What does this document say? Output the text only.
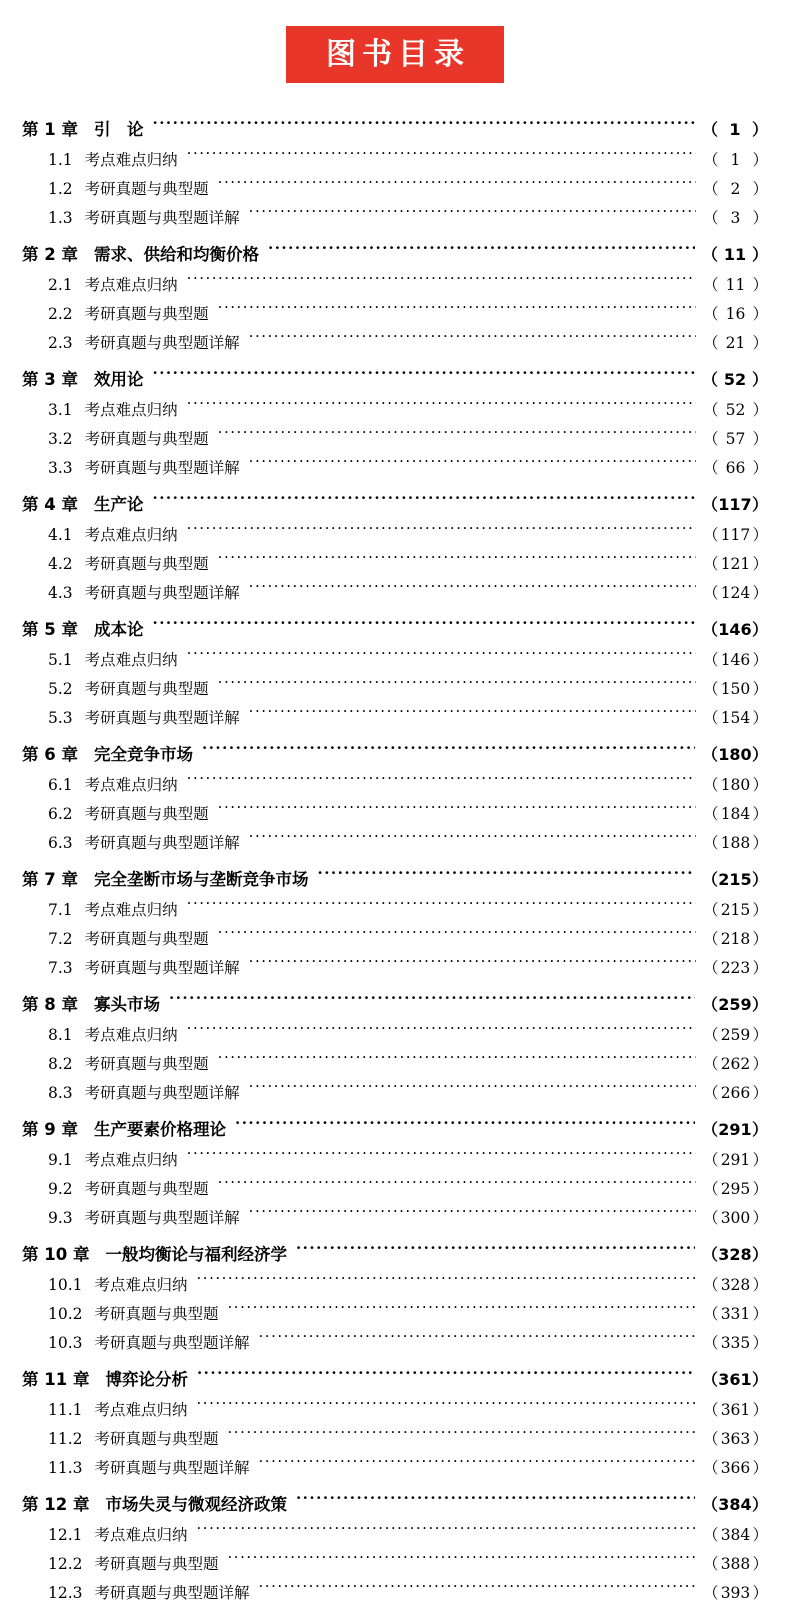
图书目录
第 1 章 引　论 ·····	（ 1 ）
1.1 考点难点归纳 ·····	（ 1 ）
1.2 考研真题与典型题 ·····	（ 2 ）
1.3 考研真题与典型题详解 ·····	（ 3 ）
第 2 章 需求、供给和均衡价格 ·····	（ 11 ）
2.1 考点难点归纳 ·····	（ 11 ）
2.2 考研真题与典型题 ·····	（ 16 ）
2.3 考研真题与典型题详解 ·····	（ 21 ）
第 3 章 效用论 ·····	（ 52 ）
3.1 考点难点归纳 ·····	（ 52 ）
3.2 考研真题与典型题 ·····	（ 57 ）
3.3 考研真题与典型题详解 ·····	（ 66 ）
第 4 章 生产论 ·····	（117）
4.1 考点难点归纳 ·····	（ 117 ）
4.2 考研真题与典型题 ·····	（ 121 ）
4.3 考研真题与典型题详解 ·····	（ 124 ）
第 5 章 成本论 ·····	（146）
5.1 考点难点归纳 ·····	（ 146 ）
5.2 考研真题与典型题 ·····	（ 150 ）
5.3 考研真题与典型题详解 ·····	（ 154 ）
第 6 章 完全竞争市场 ·····	（180）
6.1 考点难点归纳 ·····	（ 180 ）
6.2 考研真题与典型题 ·····	（ 184 ）
6.3 考研真题与典型题详解 ·····	（ 188 ）
第 7 章 完全垄断市场与垄断竞争市场 ·····	（215）
7.1 考点难点归纳 ·····	（ 215 ）
7.2 考研真题与典型题 ·····	（ 218 ）
7.3 考研真题与典型题详解 ·····	（ 223 ）
第 8 章 寡头市场 ·····	（259）
8.1 考点难点归纳 ·····	（ 259 ）
8.2 考研真题与典型题 ·····	（ 262 ）
8.3 考研真题与典型题详解 ·····	（ 266 ）
第 9 章 生产要素价格理论 ·····	（291）
9.1 考点难点归纳 ·····	（ 291 ）
9.2 考研真题与典型题 ·····	（ 295 ）
9.3 考研真题与典型题详解 ·····	（ 300 ）
第 10 章 一般均衡论与福利经济学 ·····	（328）
10.1 考点难点归纳 ·····	（ 328 ）
10.2 考研真题与典型题 ·····	（ 331 ）
10.3 考研真题与典型题详解 ·····	（ 335 ）
第 11 章 博弈论分析 ·····	（361）
11.1 考点难点归纳 ·····	（ 361 ）
11.2 考研真题与典型题 ·····	（ 363 ）
11.3 考研真题与典型题详解 ·····	（ 366 ）
第 12 章 市场失灵与微观经济政策 ·····	（384）
12.1 考点难点归纳 ·····	（ 384 ）
12.2 考研真题与典型题 ·····	（ 388 ）
12.3 考研真题与典型题详解 ·····	（ 393 ）
